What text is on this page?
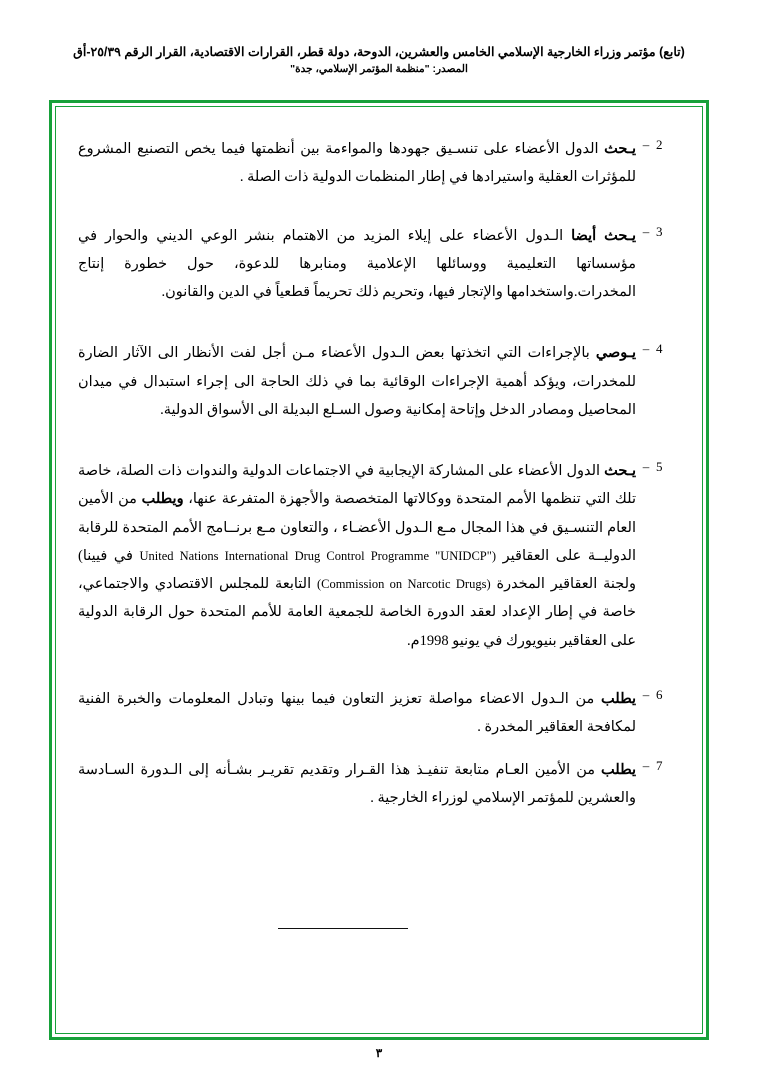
(تابع) مؤتمر وزراء الخارجية الإسلامي الخامس والعشرين، الدوحة، دولة قطر، القرارات الاقتصادية، القرار الرقم ٢٥/٣٩-أق
المصدر: "منظمة المؤتمر الإسلامي، جدة"
2
–
يـحث الدول الأعضاء على تنسـيق جهودها والمواءمة بين أنظمتها فيما يخص التصنيع المشروع للمؤثرات العقلية واستيرادها في إطار المنظمات الدولية ذات الصلة .
3
–
يـحث أيضا الـدول الأعضاء على إيلاء المزيد من الاهتمام بنشر الوعي الديني والحوار في مؤسساتها التعليمية ووسائلها الإعلامية ومنابرها للدعوة، حول خطورة إنتاج المخدرات.واستخدامها والإتجار فيها، وتحريم ذلك تحريماً قطعياً في الدين والقانون.
4
–
يـوصي بالإجراءات التي اتخذتها بعض الـدول الأعضاء مـن أجل لفت الأنظار الى الآثار الضارة للمخدرات، ويؤكد أهمية الإجراءات الوقائية بما في ذلك الحاجة الى إجراء استبدال في ميدان المحاصيل ومصادر الدخل وإتاحة إمكانية وصول السـلع البديلة الى الأسواق الدولية.
5
–
يـحث الدول الأعضاء على المشاركة الإيجابية في الاجتماعات الدولية والندوات ذات الصلة، خاصة تلك التي تنظمها الأمم المتحدة ووكالاتها المتخصصة والأجهزة المتفرعة عنها، ويطلب من الأمين العام التنسـيق في هذا المجال مـع الـدول الأعضـاء ، والتعاون مـع برنــامج الأمم المتحدة للرقابة الدوليــة على العقاقير United Nations International Drug Control Programme "UNIDCP") في فيينا) ولجنة العقاقير المخدرة (Commission on Narcotic Drugs) التابعة للمجلس الاقتصادي والاجتماعي، خاصة في إطار الإعداد لعقد الدورة الخاصة للجمعية العامة للأمم المتحدة حول الرقابة الدولية على العقاقير بنيويورك في يونيو 1998م.
6
–
يطلب من الـدول الاعضاء مواصلة تعزيز التعاون فيما بينها وتبادل المعلومات والخبرة الفنية لمكافحة العقاقير المخدرة .
7
–
يطلب من الأمين العـام متابعة تنفيـذ هذا القـرار وتقديم تقريـر بشـأنه إلى الـدورة السـادسة والعشرين للمؤتمر الإسلامي لوزراء الخارجية .
٣
